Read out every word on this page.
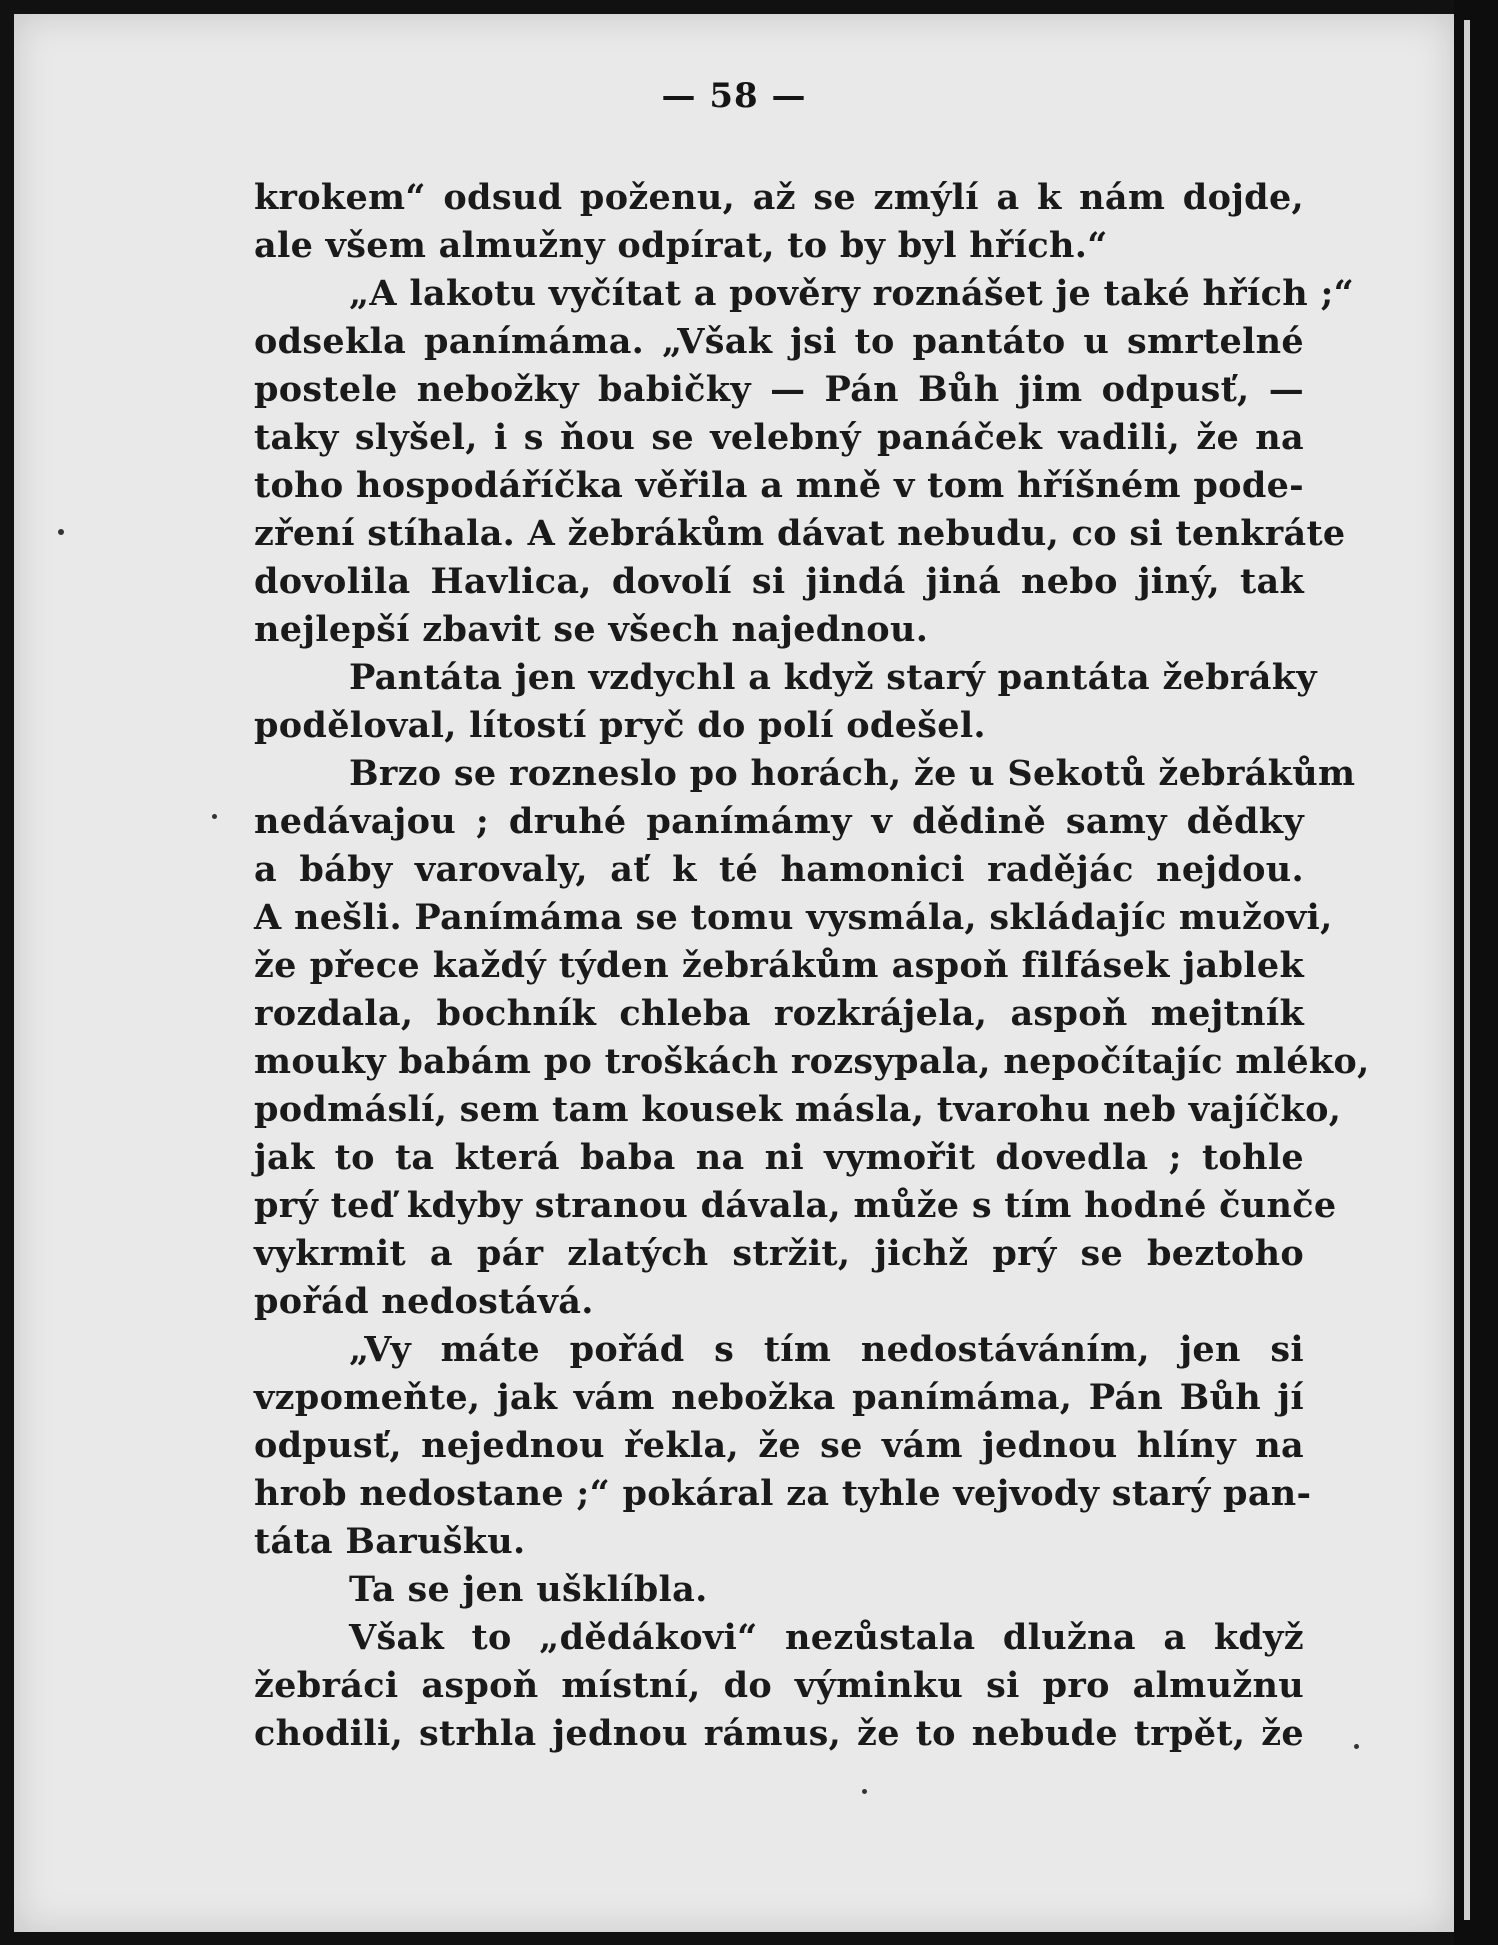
— 58 —
krokem“ odsud poženu, až se zmýlí a k nám dojde,
ale všem almužny odpírat, to by byl hřích.“
„A lakotu vyčítat a pověry roznášet je také hřích ;“
odsekla panímáma. „Však jsi to pantáto u smrtelné
postele nebožky babičky — Pán Bůh jim odpusť, —
taky slyšel, i s ňou se velebný panáček vadili, že na
toho hospodáříčka věřila a mně v tom hříšném pode-
zření stíhala. A žebrákům dávat nebudu, co si tenkráte
dovolila Havlica, dovolí si jindá jiná nebo jiný, tak
nejlepší zbavit se všech najednou.
Pantáta jen vzdychl a když starý pantáta žebráky
poděloval, lítostí pryč do polí odešel.
Brzo se rozneslo po horách, že u Sekotů žebrákům
nedávajou ; druhé panímámy v dědině samy dědky
a báby varovaly, ať k té hamonici radějác nejdou.
A nešli. Panímáma se tomu vysmála, skládajíc mužovi,
že přece každý týden žebrákům aspoň filfásek jablek
rozdala, bochník chleba rozkrájela, aspoň mejtník
mouky babám po troškách rozsypala, nepočítajíc mléko,
podmáslí, sem tam kousek másla, tvarohu neb vajíčko,
jak to ta která baba na ni vymořit dovedla ; tohle
prý teď kdyby stranou dávala, může s tím hodné čunče
vykrmit a pár zlatých stržit, jichž prý se beztoho
pořád nedostává.
„Vy máte pořád s tím nedostáváním, jen si
vzpomeňte, jak vám nebožka panímáma, Pán Bůh jí
odpusť, nejednou řekla, že se vám jednou hlíny na
hrob nedostane ;“ pokáral za tyhle vejvody starý pan-
táta Barušku.
Ta se jen ušklíbla.
Však to „dědákovi“ nezůstala dlužna a když
žebráci aspoň místní, do výminku si pro almužnu
chodili, strhla jednou rámus, že to nebude trpět, že
